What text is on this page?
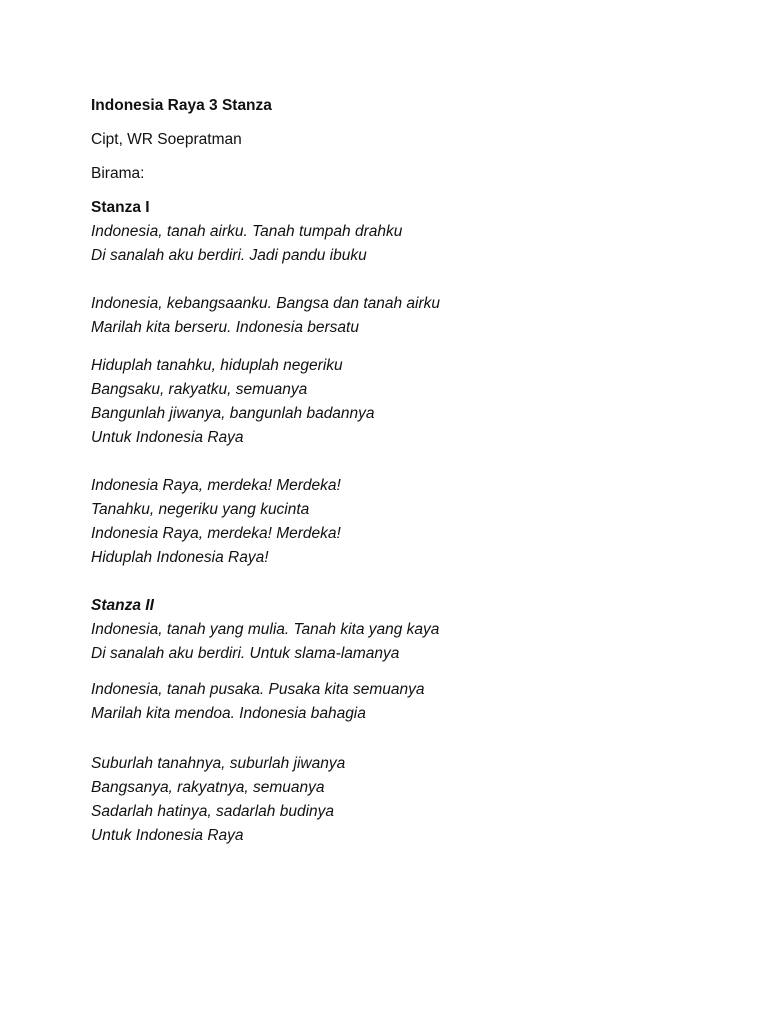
Indonesia Raya 3 Stanza

Cipt, WR Soepratman

Birama:

Stanza I

Indonesia, tanah airku. Tanah tumpah drahku

Di sanalah aku berdiri. Jadi pandu ibuku

Indonesia, kebangsaanku. Bangsa dan tanah airku

Marilah kita berseru. Indonesia bersatu

Hiduplah tanahku, hiduplah negeriku

Bangsaku, rakyatku, semuanya

Bangunlah jiwanya, bangunlah badannya

Untuk Indonesia Raya

Indonesia Raya, merdeka! Merdeka!

Tanahku, negeriku yang kucinta

Indonesia Raya, merdeka! Merdeka!

Hiduplah Indonesia Raya!

Stanza II

Indonesia, tanah yang mulia. Tanah kita yang kaya

Di sanalah aku berdiri. Untuk slama-lamanya

Indonesia, tanah pusaka. Pusaka kita semuanya

Marilah kita mendoa. Indonesia bahagia

Suburlah tanahnya, suburlah jiwanya

Bangsanya, rakyatnya, semuanya

Sadarlah hatinya, sadarlah budinya

Untuk Indonesia Raya
